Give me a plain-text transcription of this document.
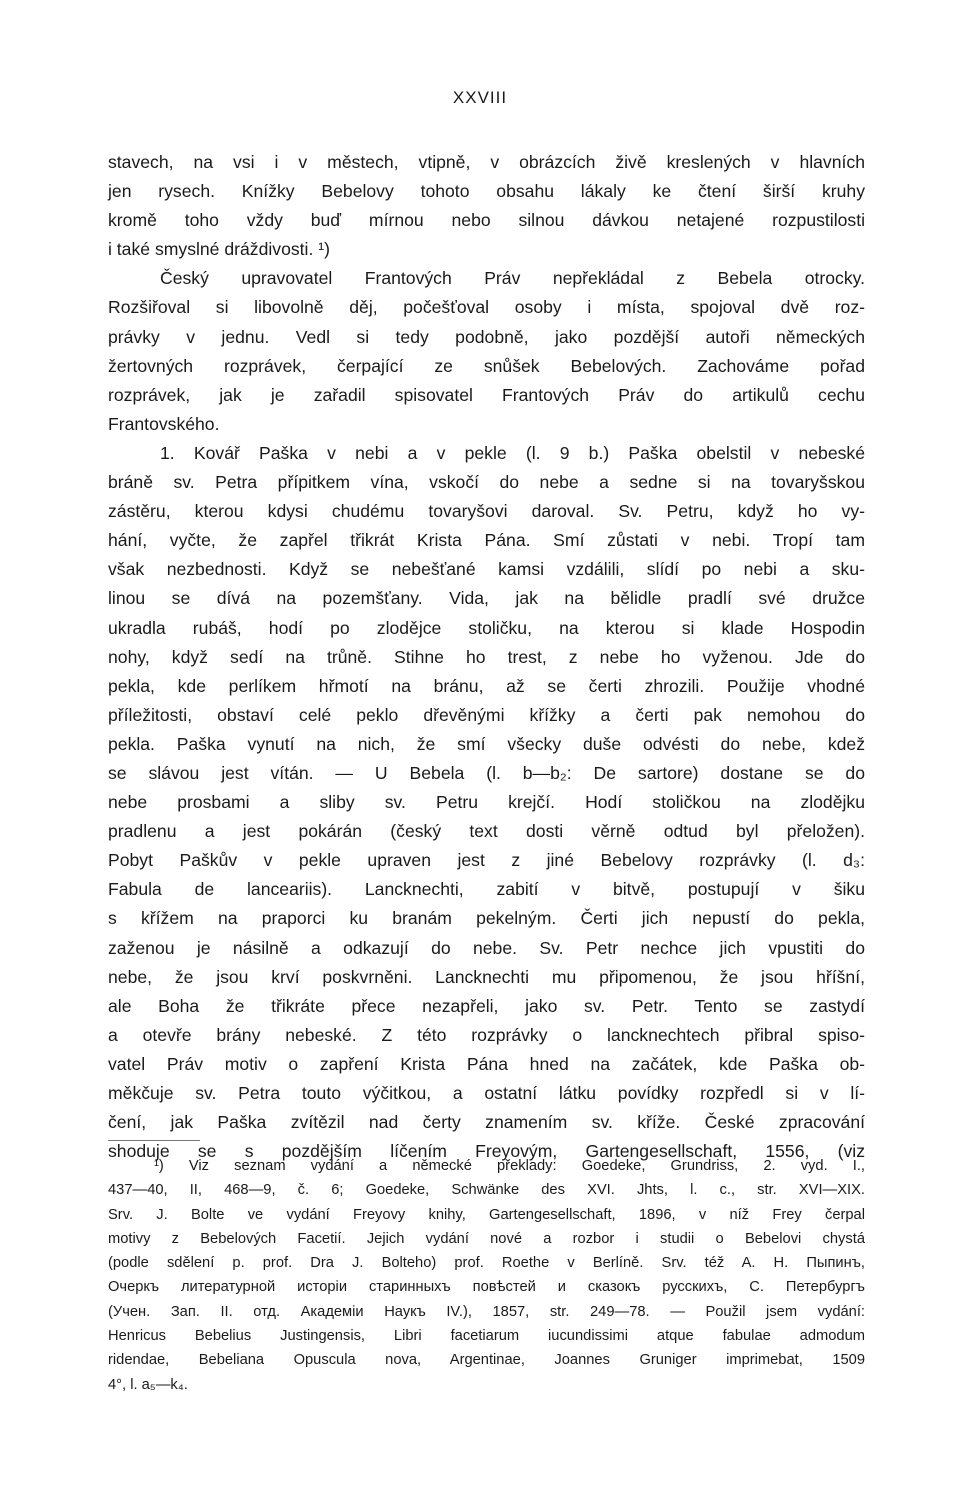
XXVIII
stavech, na vsi i v městech, vtipně, v obrázcích živě kreslených v hlavních
jen rysech. Knížky Bebelovy tohoto obsahu lákaly ke čtení širší kruhy
kromě toho vždy buď mírnou nebo silnou dávkou netajené rozpustilosti
i také smyslné dráždivosti. ¹)
Český upravovatel Frantových Práv nepřekládal z Bebela otrocky.
Rozšiřoval si libovolně děj, počešťoval osoby i místa, spojoval dvě roz-
právky v jednu. Vedl si tedy podobně, jako pozdější autoři německých
žertovných rozprávek, čerpající ze snůšek Bebelových. Zachováme pořad
rozprávek, jak je zařadil spisovatel Frantových Práv do artikulů cechu
Frantovského.
1. Kovář Paška v nebi a v pekle (l. 9 b.) Paška obelstil v nebeské
bráně sv. Petra přípitkem vína, vskočí do nebe a sedne si na tovaryšskou
zástěru, kterou kdysi chudému tovaryšovi daroval. Sv. Petru, když ho vy-
hání, vyčte, že zapřel třikrát Krista Pána. Smí zůstati v nebi. Tropí tam
však nezbednosti. Když se nebešťané kamsi vzdálili, slídí po nebi a sku-
linou se dívá na pozemšťany. Vida, jak na bělidle pradlí své družce
ukradla rubáš, hodí po zlodějce stoličku, na kterou si klade Hospodin
nohy, když sedí na trůně. Stihne ho trest, z nebe ho vyženou. Jde do
pekla, kde perlíkem hřmotí na bránu, až se čerti zhrozili. Použije vhodné
příležitosti, obstaví celé peklo dřevěnými křížky a čerti pak nemohou do
pekla. Paška vynutí na nich, že smí všecky duše odvésti do nebe, kdež
se slávou jest vítán. — U Bebela (l. b—b₂: De sartore) dostane se do
nebe prosbami a sliby sv. Petru krejčí. Hodí stoličkou na zlodějku
pradlenu a jest pokárán (český text dosti věrně odtud byl přeložen).
Pobyt Paškův v pekle upraven jest z jiné Bebelovy rozprávky (l. d₃:
Fabula de lanceariis). Lancknechti, zabití v bitvě, postupují v šiku
s křížem na praporci ku branám pekelným. Čerti jich nepustí do pekla,
zaženou je násilně a odkazují do nebe. Sv. Petr nechce jich vpustiti do
nebe, že jsou krví poskvrněni. Lancknechti mu připomenou, že jsou hříšní,
ale Boha že třikráte přece nezapřeli, jako sv. Petr. Tento se zastydí
a otevře brány nebeské. Z této rozprávky o lancknechtech přibral spiso-
vatel Práv motiv o zapření Krista Pána hned na začátek, kde Paška ob-
měkčuje sv. Petra touto výčitkou, a ostatní látku povídky rozpředl si v lí-
čení, jak Paška zvítězil nad čerty znamením sv. kříže. České zpracování
shoduje se s pozdějším líčením Freyovým, Gartengesellschaft, 1556, (viz
¹) Viz seznam vydání a německé překlady: Goedeke, Grundriss, 2. vyd. I.,
437—40, II, 468—9, č. 6; Goedeke, Schwänke des XVI. Jhts, l. c., str. XVI—XIX.
Srv. J. Bolte ve vydání Freyovy knihy, Gartengesellschaft, 1896, v níž Frey čerpal
motivy z Bebelových Facetií. Jejich vydání nové a rozbor i studii o Bebelovi chystá
(podle sdělení p. prof. Dra J. Bolteho) prof. Roethe v Berlíně. Srv. též A. H. Пыпинъ,
Очеркъ литературной исторіи старинныхъ повѣстей и сказокъ русскихъ, С. Петербургъ
(Учен. Зап. II. отд. Академіи Наукъ IV.), 1857, str. 249—78. — Použil jsem vydání:
Henricus Bebelius Justingensis, Libri facetiarum iucundissimi atque fabulae admodum
ridendae, Bebeliana Opuscula nova, Argentinae, Joannes Gruniger imprimebat, 1509
4°, l. a₅—k₄.
